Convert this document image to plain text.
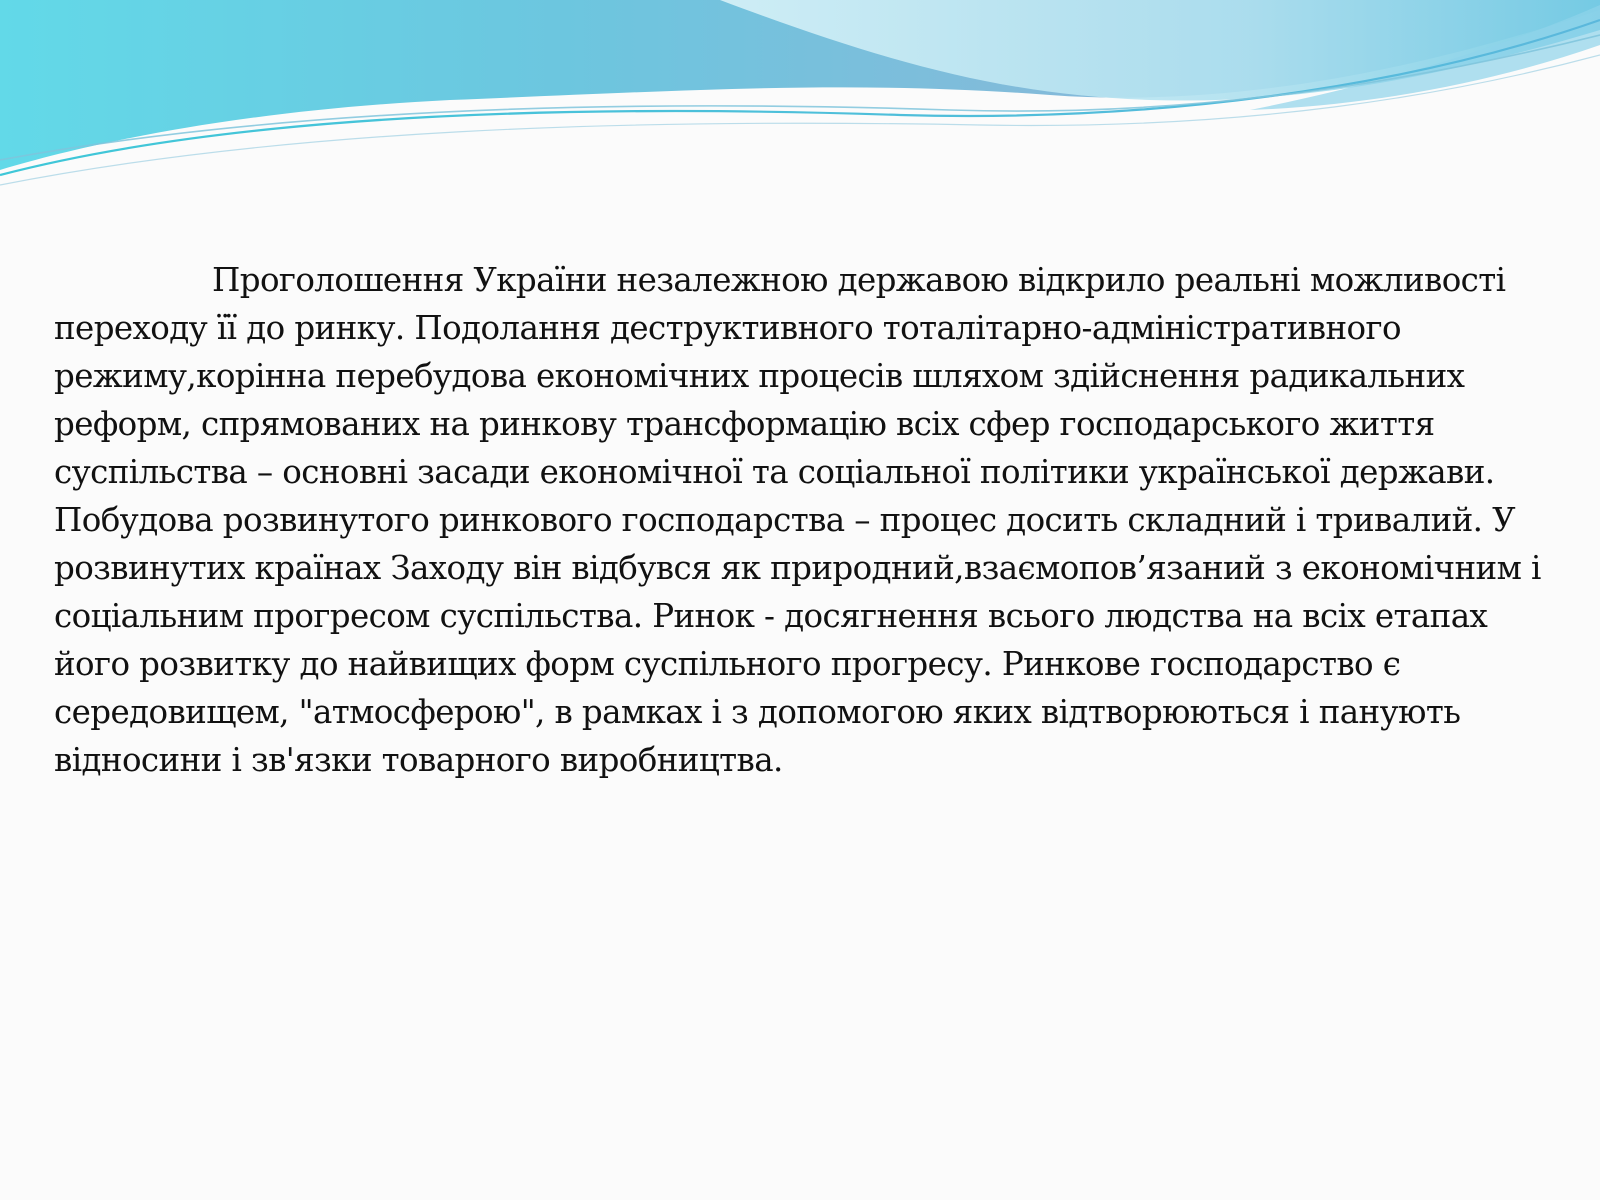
Проголошення України незалежною державою відкрило реальні можливості переходу її до ринку. Подолання деструктивного тоталітарно-адміністративного режиму,корінна перебудова економічних процесів шляхом здійснення радикальних реформ, спрямованих на ринкову трансформацію всіх сфер господарського життя суспільства – основні засади економічної та соціальної політики української держави. Побудова розвинутого ринкового господарства – процес досить складний і тривалий. У розвинутих країнах Заходу він відбувся як природний,взаємопов’язаний з економічним і соціальним прогресом суспільства. Ринок - досягнення всього людства на всіх етапах його розвитку до найвищих форм суспільного прогресу. Ринкове господарство є середовищем, "атмосферою", в рамках і з допомогою яких відтворюються і панують відносини і зв'язки товарного виробництва.
